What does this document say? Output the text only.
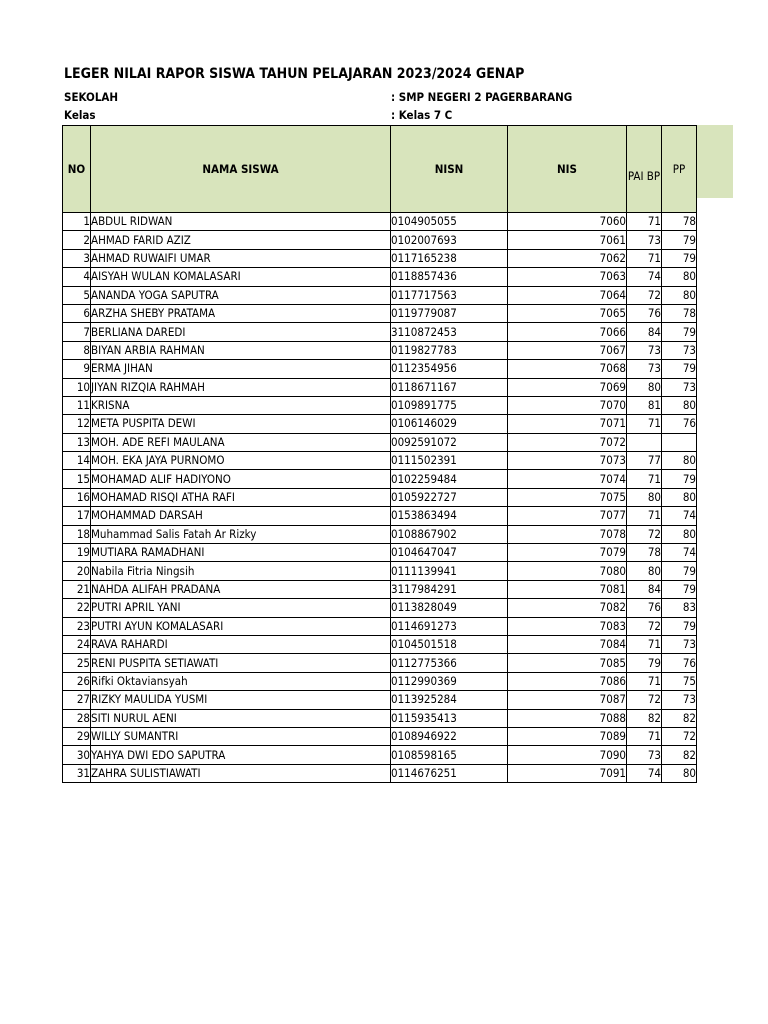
LEGER NILAI RAPOR SISWA TAHUN PELAJARAN 2023/2024 GENAP
SEKOLAH	: SMP NEGERI 2 PAGERBARANG
Kelas	: Kelas 7 C
NO	NAMA SISWA	NISN	NIS	PAI BP	PP
1	ABDUL RIDWAN	0104905055	7060	71	78
2	AHMAD FARID AZIZ	0102007693	7061	73	79
3	AHMAD RUWAIFI UMAR	0117165238	7062	71	79
4	AISYAH WULAN KOMALASARI	0118857436	7063	74	80
5	ANANDA YOGA SAPUTRA	0117717563	7064	72	80
6	ARZHA SHEBY PRATAMA	0119779087	7065	76	78
7	BERLIANA DAREDI	3110872453	7066	84	79
8	BIYAN ARBIA RAHMAN	0119827783	7067	73	73
9	ERMA JIHAN	0112354956	7068	73	79
10	JIYAN RIZQIA RAHMAH	0118671167	7069	80	73
11	KRISNA	0109891775	7070	81	80
12	META PUSPITA DEWI	0106146029	7071	71	76
13	MOH. ADE REFI MAULANA	0092591072	7072		
14	MOH. EKA JAYA PURNOMO	0111502391	7073	77	80
15	MOHAMAD ALIF HADIYONO	0102259484	7074	71	79
16	MOHAMAD RISQI ATHA RAFI	0105922727	7075	80	80
17	MOHAMMAD DARSAH	0153863494	7077	71	74
18	Muhammad Salis Fatah Ar Rizky	0108867902	7078	72	80
19	MUTIARA RAMADHANI	0104647047	7079	78	74
20	Nabila Fitria Ningsih	0111139941	7080	80	79
21	NAHDA ALIFAH PRADANA	3117984291	7081	84	79
22	PUTRI APRIL YANI	0113828049	7082	76	83
23	PUTRI AYUN KOMALASARI	0114691273	7083	72	79
24	RAVA RAHARDI	0104501518	7084	71	73
25	RENI PUSPITA SETIAWATI	0112775366	7085	79	76
26	Rifki Oktaviansyah	0112990369	7086	71	75
27	RIZKY MAULIDA YUSMI	0113925284	7087	72	73
28	SITI NURUL AENI	0115935413	7088	82	82
29	WILLY SUMANTRI	0108946922	7089	71	72
30	YAHYA DWI EDO SAPUTRA	0108598165	7090	73	82
31	ZAHRA SULISTIAWATI	0114676251	7091	74	80
